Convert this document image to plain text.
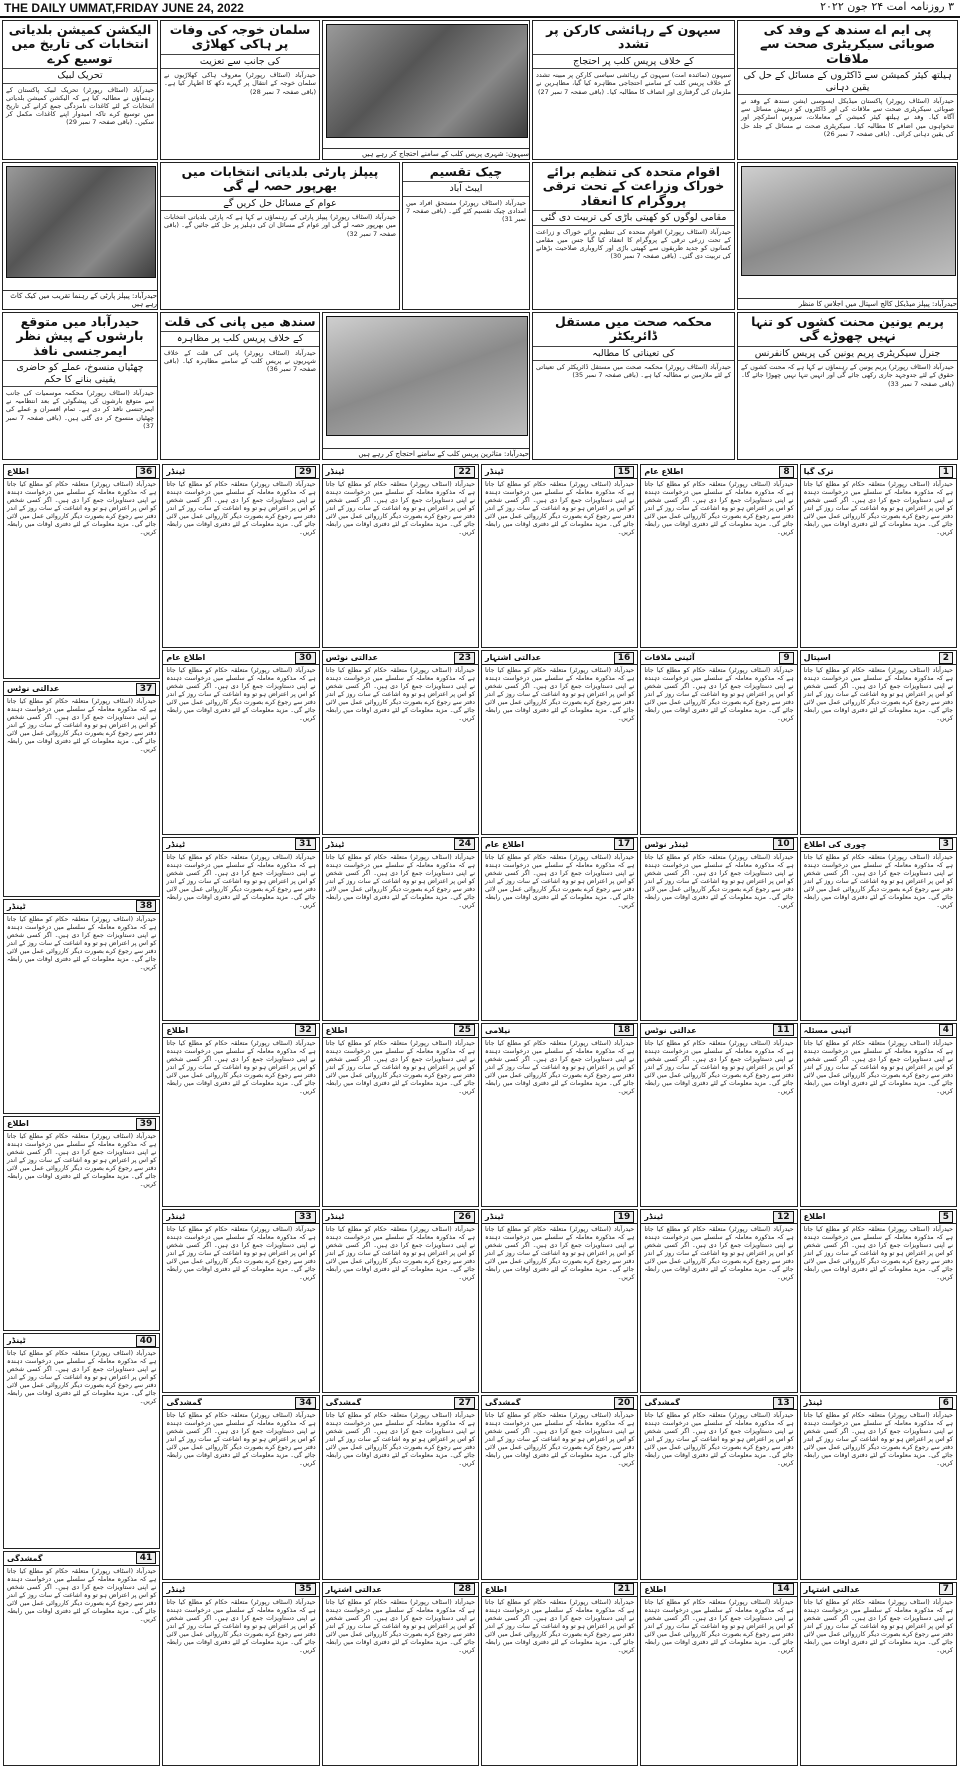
THE DAILY UMMAT,FRIDAY JUNE 24, 2022	۳ روزنامہ امت ۲۴ جون ۲۰۲۲
پی ایم اے سندھ کے وفد کی صوبائی سیکریٹری صحت سے ملاقات
ہیلتھ کیئر کمیشن سے ڈاکٹروں کے مسائل کے حل کی یقین دہانی
حیدرآباد (اسٹاف رپورٹر) پاکستان میڈیکل ایسوسی ایشن سندھ کے وفد نے صوبائی سیکریٹری صحت سے ملاقات کی اور ڈاکٹروں کو درپیش مسائل سے آگاہ کیا۔ وفد نے ہیلتھ کیئر کمیشن کے معاملات، سروس اسٹرکچر اور تنخواہوں میں اضافے کا مطالبہ کیا۔ سیکریٹری صحت نے مسائل کے جلد حل کی یقین دہانی کرائی۔ (باقی صفحہ 7 نمبر 26)
سیہون کے رہائشی کارکن پر تشدد
کے خلاف پریس کلب پر احتجاج
سیہون (نمائندہ امت) سیہون کے رہائشی سیاسی کارکن پر مبینہ تشدد کے خلاف پریس کلب کے سامنے احتجاجی مظاہرہ کیا گیا، مظاہرین نے ملزمان کی گرفتاری اور انصاف کا مطالبہ کیا۔ (باقی صفحہ 7 نمبر 27)
سیہون: شہری پریس کلب کے سامنے احتجاج کر رہے ہیں
سلمان خوجہ کی وفات پر ہاکی کھلاڑی
کی جانب سے تعزیت
حیدرآباد (اسٹاف رپورٹر) معروف ہاکی کھلاڑیوں نے سلمان خوجہ کے انتقال پر گہرے دکھ کا اظہار کیا ہے۔ (باقی صفحہ 7 نمبر 28)
الیکشن کمیشن بلدیاتی انتخابات کی تاریخ میں توسیع کرے
تحریک لبیک
حیدرآباد (اسٹاف رپورٹر) تحریک لبیک پاکستان کے رہنماؤں نے مطالبہ کیا ہے کہ الیکشن کمیشن بلدیاتی انتخابات کے لئے کاغذات نامزدگی جمع کرانے کی تاریخ میں توسیع کرے تاکہ امیدوار اپنے کاغذات مکمل کر سکیں۔ (باقی صفحہ 7 نمبر 29)
حیدرآباد: پیپلز میڈیکل کالج اسپتال میں اجلاس کا منظر
اقوام متحدہ کی تنظیم برائے خوراک وزراعت کے تحت ترقی پروگرام کا انعقاد
مقامی لوگوں کو کھیتی باڑی کی تربیت دی گئی
حیدرآباد (اسٹاف رپورٹر) اقوام متحدہ کی تنظیم برائے خوراک و زراعت کے تحت زرعی ترقی کے پروگرام کا انعقاد کیا گیا جس میں مقامی کسانوں کو جدید طریقوں سے کھیتی باڑی اور کاروباری صلاحیت بڑھانے کی تربیت دی گئی۔ (باقی صفحہ 7 نمبر 30)
چیک تقسیم
ایبٹ آباد
حیدرآباد (اسٹاف رپورٹر) مستحق افراد میں امدادی چیک تقسیم کئے گئے۔ (باقی صفحہ 7 نمبر 31)
پیپلز پارٹی بلدیاتی انتخابات میں بھرپور حصہ لے گی
عوام کے مسائل حل کریں گے
حیدرآباد (اسٹاف رپورٹر) پیپلز پارٹی کے رہنماؤں نے کہا ہے کہ پارٹی بلدیاتی انتخابات میں بھرپور حصہ لے گی اور عوام کے مسائل ان کی دہلیز پر حل کئے جائیں گے۔ (باقی صفحہ 7 نمبر 32)
حیدرآباد: پیپلز پارٹی کے رہنما تقریب میں کیک کاٹ رہے ہیں
پریم یونین محنت کشوں کو تنہا نہیں چھوڑے گی
جنرل سیکریٹری پریم یونین کی پریس کانفرنس
حیدرآباد (اسٹاف رپورٹر) پریم یونین کے رہنماؤں نے کہا ہے کہ محنت کشوں کے حقوق کے لئے جدوجہد جاری رکھی جائے گی اور انہیں تنہا نہیں چھوڑا جائے گا۔ (باقی صفحہ 7 نمبر 33)
محکمہ صحت میں مستقل ڈائریکٹر
کی تعیناتی کا مطالبہ
حیدرآباد (اسٹاف رپورٹر) محکمہ صحت میں مستقل ڈائریکٹر کی تعیناتی کے لئے ملازمین نے مطالبہ کیا ہے۔ (باقی صفحہ 7 نمبر 35)
حیدرآباد: متاثرین پریس کلب کے سامنے احتجاج کر رہے ہیں
سندھ میں پانی کی قلت
کے خلاف پریس کلب پر مظاہرہ
حیدرآباد (اسٹاف رپورٹر) پانی کی قلت کے خلاف شہریوں نے پریس کلب کے سامنے مظاہرہ کیا۔ (باقی صفحہ 7 نمبر 36)
حیدرآباد میں متوقع بارشوں کے پیش نظر ایمرجنسی نافذ
چھٹیاں منسوخ، عملے کو حاضری یقینی بنانے کا حکم
حیدرآباد (اسٹاف رپورٹر) محکمہ موسمیات کی جانب سے متوقع بارشوں کی پیشگوئی کے بعد انتظامیہ نے ایمرجنسی نافذ کر دی ہے۔ تمام افسران و عملے کی چھٹیاں منسوخ کر دی گئی ہیں۔ (باقی صفحہ 7 نمبر 37)
1
ترک گیا
حیدرآباد (اسٹاف رپورٹر) متعلقہ حکام کو مطلع کیا جاتا ہے کہ مذکورہ معاملہ کے سلسلے میں درخواست دہندہ نے اپنی دستاویزات جمع کرا دی ہیں۔ اگر کسی شخص کو اس پر اعتراض ہو تو وہ اشاعت کے سات روز کے اندر دفتر سے رجوع کرے بصورت دیگر کارروائی عمل میں لائی جائے گی۔ مزید معلومات کے لئے دفتری اوقات میں رابطہ کریں۔
2
اسپتال
حیدرآباد (اسٹاف رپورٹر) متعلقہ حکام کو مطلع کیا جاتا ہے کہ مذکورہ معاملہ کے سلسلے میں درخواست دہندہ نے اپنی دستاویزات جمع کرا دی ہیں۔ اگر کسی شخص کو اس پر اعتراض ہو تو وہ اشاعت کے سات روز کے اندر دفتر سے رجوع کرے بصورت دیگر کارروائی عمل میں لائی جائے گی۔ مزید معلومات کے لئے دفتری اوقات میں رابطہ کریں۔
3
چوری کی اطلاع
حیدرآباد (اسٹاف رپورٹر) متعلقہ حکام کو مطلع کیا جاتا ہے کہ مذکورہ معاملہ کے سلسلے میں درخواست دہندہ نے اپنی دستاویزات جمع کرا دی ہیں۔ اگر کسی شخص کو اس پر اعتراض ہو تو وہ اشاعت کے سات روز کے اندر دفتر سے رجوع کرے بصورت دیگر کارروائی عمل میں لائی جائے گی۔ مزید معلومات کے لئے دفتری اوقات میں رابطہ کریں۔
4
آئینی مسئلہ
حیدرآباد (اسٹاف رپورٹر) متعلقہ حکام کو مطلع کیا جاتا ہے کہ مذکورہ معاملہ کے سلسلے میں درخواست دہندہ نے اپنی دستاویزات جمع کرا دی ہیں۔ اگر کسی شخص کو اس پر اعتراض ہو تو وہ اشاعت کے سات روز کے اندر دفتر سے رجوع کرے بصورت دیگر کارروائی عمل میں لائی جائے گی۔ مزید معلومات کے لئے دفتری اوقات میں رابطہ کریں۔
5
اطلاع
حیدرآباد (اسٹاف رپورٹر) متعلقہ حکام کو مطلع کیا جاتا ہے کہ مذکورہ معاملہ کے سلسلے میں درخواست دہندہ نے اپنی دستاویزات جمع کرا دی ہیں۔ اگر کسی شخص کو اس پر اعتراض ہو تو وہ اشاعت کے سات روز کے اندر دفتر سے رجوع کرے بصورت دیگر کارروائی عمل میں لائی جائے گی۔ مزید معلومات کے لئے دفتری اوقات میں رابطہ کریں۔
6
ٹینڈر
حیدرآباد (اسٹاف رپورٹر) متعلقہ حکام کو مطلع کیا جاتا ہے کہ مذکورہ معاملہ کے سلسلے میں درخواست دہندہ نے اپنی دستاویزات جمع کرا دی ہیں۔ اگر کسی شخص کو اس پر اعتراض ہو تو وہ اشاعت کے سات روز کے اندر دفتر سے رجوع کرے بصورت دیگر کارروائی عمل میں لائی جائے گی۔ مزید معلومات کے لئے دفتری اوقات میں رابطہ کریں۔
7
عدالتی اشتہار
حیدرآباد (اسٹاف رپورٹر) متعلقہ حکام کو مطلع کیا جاتا ہے کہ مذکورہ معاملہ کے سلسلے میں درخواست دہندہ نے اپنی دستاویزات جمع کرا دی ہیں۔ اگر کسی شخص کو اس پر اعتراض ہو تو وہ اشاعت کے سات روز کے اندر دفتر سے رجوع کرے بصورت دیگر کارروائی عمل میں لائی جائے گی۔ مزید معلومات کے لئے دفتری اوقات میں رابطہ کریں۔
8
اطلاع عام
حیدرآباد (اسٹاف رپورٹر) متعلقہ حکام کو مطلع کیا جاتا ہے کہ مذکورہ معاملہ کے سلسلے میں درخواست دہندہ نے اپنی دستاویزات جمع کرا دی ہیں۔ اگر کسی شخص کو اس پر اعتراض ہو تو وہ اشاعت کے سات روز کے اندر دفتر سے رجوع کرے بصورت دیگر کارروائی عمل میں لائی جائے گی۔ مزید معلومات کے لئے دفتری اوقات میں رابطہ کریں۔
9
آئینی ملاقات
حیدرآباد (اسٹاف رپورٹر) متعلقہ حکام کو مطلع کیا جاتا ہے کہ مذکورہ معاملہ کے سلسلے میں درخواست دہندہ نے اپنی دستاویزات جمع کرا دی ہیں۔ اگر کسی شخص کو اس پر اعتراض ہو تو وہ اشاعت کے سات روز کے اندر دفتر سے رجوع کرے بصورت دیگر کارروائی عمل میں لائی جائے گی۔ مزید معلومات کے لئے دفتری اوقات میں رابطہ کریں۔
10
ٹینڈر نوٹس
حیدرآباد (اسٹاف رپورٹر) متعلقہ حکام کو مطلع کیا جاتا ہے کہ مذکورہ معاملہ کے سلسلے میں درخواست دہندہ نے اپنی دستاویزات جمع کرا دی ہیں۔ اگر کسی شخص کو اس پر اعتراض ہو تو وہ اشاعت کے سات روز کے اندر دفتر سے رجوع کرے بصورت دیگر کارروائی عمل میں لائی جائے گی۔ مزید معلومات کے لئے دفتری اوقات میں رابطہ کریں۔
11
عدالتی نوٹس
حیدرآباد (اسٹاف رپورٹر) متعلقہ حکام کو مطلع کیا جاتا ہے کہ مذکورہ معاملہ کے سلسلے میں درخواست دہندہ نے اپنی دستاویزات جمع کرا دی ہیں۔ اگر کسی شخص کو اس پر اعتراض ہو تو وہ اشاعت کے سات روز کے اندر دفتر سے رجوع کرے بصورت دیگر کارروائی عمل میں لائی جائے گی۔ مزید معلومات کے لئے دفتری اوقات میں رابطہ کریں۔
12
ٹینڈر
حیدرآباد (اسٹاف رپورٹر) متعلقہ حکام کو مطلع کیا جاتا ہے کہ مذکورہ معاملہ کے سلسلے میں درخواست دہندہ نے اپنی دستاویزات جمع کرا دی ہیں۔ اگر کسی شخص کو اس پر اعتراض ہو تو وہ اشاعت کے سات روز کے اندر دفتر سے رجوع کرے بصورت دیگر کارروائی عمل میں لائی جائے گی۔ مزید معلومات کے لئے دفتری اوقات میں رابطہ کریں۔
13
گمشدگی
حیدرآباد (اسٹاف رپورٹر) متعلقہ حکام کو مطلع کیا جاتا ہے کہ مذکورہ معاملہ کے سلسلے میں درخواست دہندہ نے اپنی دستاویزات جمع کرا دی ہیں۔ اگر کسی شخص کو اس پر اعتراض ہو تو وہ اشاعت کے سات روز کے اندر دفتر سے رجوع کرے بصورت دیگر کارروائی عمل میں لائی جائے گی۔ مزید معلومات کے لئے دفتری اوقات میں رابطہ کریں۔
14
اطلاع
حیدرآباد (اسٹاف رپورٹر) متعلقہ حکام کو مطلع کیا جاتا ہے کہ مذکورہ معاملہ کے سلسلے میں درخواست دہندہ نے اپنی دستاویزات جمع کرا دی ہیں۔ اگر کسی شخص کو اس پر اعتراض ہو تو وہ اشاعت کے سات روز کے اندر دفتر سے رجوع کرے بصورت دیگر کارروائی عمل میں لائی جائے گی۔ مزید معلومات کے لئے دفتری اوقات میں رابطہ کریں۔
15
ٹینڈر
حیدرآباد (اسٹاف رپورٹر) متعلقہ حکام کو مطلع کیا جاتا ہے کہ مذکورہ معاملہ کے سلسلے میں درخواست دہندہ نے اپنی دستاویزات جمع کرا دی ہیں۔ اگر کسی شخص کو اس پر اعتراض ہو تو وہ اشاعت کے سات روز کے اندر دفتر سے رجوع کرے بصورت دیگر کارروائی عمل میں لائی جائے گی۔ مزید معلومات کے لئے دفتری اوقات میں رابطہ کریں۔
16
عدالتی اشتہار
حیدرآباد (اسٹاف رپورٹر) متعلقہ حکام کو مطلع کیا جاتا ہے کہ مذکورہ معاملہ کے سلسلے میں درخواست دہندہ نے اپنی دستاویزات جمع کرا دی ہیں۔ اگر کسی شخص کو اس پر اعتراض ہو تو وہ اشاعت کے سات روز کے اندر دفتر سے رجوع کرے بصورت دیگر کارروائی عمل میں لائی جائے گی۔ مزید معلومات کے لئے دفتری اوقات میں رابطہ کریں۔
17
اطلاع عام
حیدرآباد (اسٹاف رپورٹر) متعلقہ حکام کو مطلع کیا جاتا ہے کہ مذکورہ معاملہ کے سلسلے میں درخواست دہندہ نے اپنی دستاویزات جمع کرا دی ہیں۔ اگر کسی شخص کو اس پر اعتراض ہو تو وہ اشاعت کے سات روز کے اندر دفتر سے رجوع کرے بصورت دیگر کارروائی عمل میں لائی جائے گی۔ مزید معلومات کے لئے دفتری اوقات میں رابطہ کریں۔
18
نیلامی
حیدرآباد (اسٹاف رپورٹر) متعلقہ حکام کو مطلع کیا جاتا ہے کہ مذکورہ معاملہ کے سلسلے میں درخواست دہندہ نے اپنی دستاویزات جمع کرا دی ہیں۔ اگر کسی شخص کو اس پر اعتراض ہو تو وہ اشاعت کے سات روز کے اندر دفتر سے رجوع کرے بصورت دیگر کارروائی عمل میں لائی جائے گی۔ مزید معلومات کے لئے دفتری اوقات میں رابطہ کریں۔
19
ٹینڈر
حیدرآباد (اسٹاف رپورٹر) متعلقہ حکام کو مطلع کیا جاتا ہے کہ مذکورہ معاملہ کے سلسلے میں درخواست دہندہ نے اپنی دستاویزات جمع کرا دی ہیں۔ اگر کسی شخص کو اس پر اعتراض ہو تو وہ اشاعت کے سات روز کے اندر دفتر سے رجوع کرے بصورت دیگر کارروائی عمل میں لائی جائے گی۔ مزید معلومات کے لئے دفتری اوقات میں رابطہ کریں۔
20
گمشدگی
حیدرآباد (اسٹاف رپورٹر) متعلقہ حکام کو مطلع کیا جاتا ہے کہ مذکورہ معاملہ کے سلسلے میں درخواست دہندہ نے اپنی دستاویزات جمع کرا دی ہیں۔ اگر کسی شخص کو اس پر اعتراض ہو تو وہ اشاعت کے سات روز کے اندر دفتر سے رجوع کرے بصورت دیگر کارروائی عمل میں لائی جائے گی۔ مزید معلومات کے لئے دفتری اوقات میں رابطہ کریں۔
21
اطلاع
حیدرآباد (اسٹاف رپورٹر) متعلقہ حکام کو مطلع کیا جاتا ہے کہ مذکورہ معاملہ کے سلسلے میں درخواست دہندہ نے اپنی دستاویزات جمع کرا دی ہیں۔ اگر کسی شخص کو اس پر اعتراض ہو تو وہ اشاعت کے سات روز کے اندر دفتر سے رجوع کرے بصورت دیگر کارروائی عمل میں لائی جائے گی۔ مزید معلومات کے لئے دفتری اوقات میں رابطہ کریں۔
22
ٹینڈر
حیدرآباد (اسٹاف رپورٹر) متعلقہ حکام کو مطلع کیا جاتا ہے کہ مذکورہ معاملہ کے سلسلے میں درخواست دہندہ نے اپنی دستاویزات جمع کرا دی ہیں۔ اگر کسی شخص کو اس پر اعتراض ہو تو وہ اشاعت کے سات روز کے اندر دفتر سے رجوع کرے بصورت دیگر کارروائی عمل میں لائی جائے گی۔ مزید معلومات کے لئے دفتری اوقات میں رابطہ کریں۔
23
عدالتی نوٹس
حیدرآباد (اسٹاف رپورٹر) متعلقہ حکام کو مطلع کیا جاتا ہے کہ مذکورہ معاملہ کے سلسلے میں درخواست دہندہ نے اپنی دستاویزات جمع کرا دی ہیں۔ اگر کسی شخص کو اس پر اعتراض ہو تو وہ اشاعت کے سات روز کے اندر دفتر سے رجوع کرے بصورت دیگر کارروائی عمل میں لائی جائے گی۔ مزید معلومات کے لئے دفتری اوقات میں رابطہ کریں۔
24
ٹینڈر
حیدرآباد (اسٹاف رپورٹر) متعلقہ حکام کو مطلع کیا جاتا ہے کہ مذکورہ معاملہ کے سلسلے میں درخواست دہندہ نے اپنی دستاویزات جمع کرا دی ہیں۔ اگر کسی شخص کو اس پر اعتراض ہو تو وہ اشاعت کے سات روز کے اندر دفتر سے رجوع کرے بصورت دیگر کارروائی عمل میں لائی جائے گی۔ مزید معلومات کے لئے دفتری اوقات میں رابطہ کریں۔
25
اطلاع
حیدرآباد (اسٹاف رپورٹر) متعلقہ حکام کو مطلع کیا جاتا ہے کہ مذکورہ معاملہ کے سلسلے میں درخواست دہندہ نے اپنی دستاویزات جمع کرا دی ہیں۔ اگر کسی شخص کو اس پر اعتراض ہو تو وہ اشاعت کے سات روز کے اندر دفتر سے رجوع کرے بصورت دیگر کارروائی عمل میں لائی جائے گی۔ مزید معلومات کے لئے دفتری اوقات میں رابطہ کریں۔
26
ٹینڈر
حیدرآباد (اسٹاف رپورٹر) متعلقہ حکام کو مطلع کیا جاتا ہے کہ مذکورہ معاملہ کے سلسلے میں درخواست دہندہ نے اپنی دستاویزات جمع کرا دی ہیں۔ اگر کسی شخص کو اس پر اعتراض ہو تو وہ اشاعت کے سات روز کے اندر دفتر سے رجوع کرے بصورت دیگر کارروائی عمل میں لائی جائے گی۔ مزید معلومات کے لئے دفتری اوقات میں رابطہ کریں۔
27
گمشدگی
حیدرآباد (اسٹاف رپورٹر) متعلقہ حکام کو مطلع کیا جاتا ہے کہ مذکورہ معاملہ کے سلسلے میں درخواست دہندہ نے اپنی دستاویزات جمع کرا دی ہیں۔ اگر کسی شخص کو اس پر اعتراض ہو تو وہ اشاعت کے سات روز کے اندر دفتر سے رجوع کرے بصورت دیگر کارروائی عمل میں لائی جائے گی۔ مزید معلومات کے لئے دفتری اوقات میں رابطہ کریں۔
28
عدالتی اشتہار
حیدرآباد (اسٹاف رپورٹر) متعلقہ حکام کو مطلع کیا جاتا ہے کہ مذکورہ معاملہ کے سلسلے میں درخواست دہندہ نے اپنی دستاویزات جمع کرا دی ہیں۔ اگر کسی شخص کو اس پر اعتراض ہو تو وہ اشاعت کے سات روز کے اندر دفتر سے رجوع کرے بصورت دیگر کارروائی عمل میں لائی جائے گی۔ مزید معلومات کے لئے دفتری اوقات میں رابطہ کریں۔
29
ٹینڈر
حیدرآباد (اسٹاف رپورٹر) متعلقہ حکام کو مطلع کیا جاتا ہے کہ مذکورہ معاملہ کے سلسلے میں درخواست دہندہ نے اپنی دستاویزات جمع کرا دی ہیں۔ اگر کسی شخص کو اس پر اعتراض ہو تو وہ اشاعت کے سات روز کے اندر دفتر سے رجوع کرے بصورت دیگر کارروائی عمل میں لائی جائے گی۔ مزید معلومات کے لئے دفتری اوقات میں رابطہ کریں۔
30
اطلاع عام
حیدرآباد (اسٹاف رپورٹر) متعلقہ حکام کو مطلع کیا جاتا ہے کہ مذکورہ معاملہ کے سلسلے میں درخواست دہندہ نے اپنی دستاویزات جمع کرا دی ہیں۔ اگر کسی شخص کو اس پر اعتراض ہو تو وہ اشاعت کے سات روز کے اندر دفتر سے رجوع کرے بصورت دیگر کارروائی عمل میں لائی جائے گی۔ مزید معلومات کے لئے دفتری اوقات میں رابطہ کریں۔
31
ٹینڈر
حیدرآباد (اسٹاف رپورٹر) متعلقہ حکام کو مطلع کیا جاتا ہے کہ مذکورہ معاملہ کے سلسلے میں درخواست دہندہ نے اپنی دستاویزات جمع کرا دی ہیں۔ اگر کسی شخص کو اس پر اعتراض ہو تو وہ اشاعت کے سات روز کے اندر دفتر سے رجوع کرے بصورت دیگر کارروائی عمل میں لائی جائے گی۔ مزید معلومات کے لئے دفتری اوقات میں رابطہ کریں۔
32
اطلاع
حیدرآباد (اسٹاف رپورٹر) متعلقہ حکام کو مطلع کیا جاتا ہے کہ مذکورہ معاملہ کے سلسلے میں درخواست دہندہ نے اپنی دستاویزات جمع کرا دی ہیں۔ اگر کسی شخص کو اس پر اعتراض ہو تو وہ اشاعت کے سات روز کے اندر دفتر سے رجوع کرے بصورت دیگر کارروائی عمل میں لائی جائے گی۔ مزید معلومات کے لئے دفتری اوقات میں رابطہ کریں۔
33
ٹینڈر
حیدرآباد (اسٹاف رپورٹر) متعلقہ حکام کو مطلع کیا جاتا ہے کہ مذکورہ معاملہ کے سلسلے میں درخواست دہندہ نے اپنی دستاویزات جمع کرا دی ہیں۔ اگر کسی شخص کو اس پر اعتراض ہو تو وہ اشاعت کے سات روز کے اندر دفتر سے رجوع کرے بصورت دیگر کارروائی عمل میں لائی جائے گی۔ مزید معلومات کے لئے دفتری اوقات میں رابطہ کریں۔
34
گمشدگی
حیدرآباد (اسٹاف رپورٹر) متعلقہ حکام کو مطلع کیا جاتا ہے کہ مذکورہ معاملہ کے سلسلے میں درخواست دہندہ نے اپنی دستاویزات جمع کرا دی ہیں۔ اگر کسی شخص کو اس پر اعتراض ہو تو وہ اشاعت کے سات روز کے اندر دفتر سے رجوع کرے بصورت دیگر کارروائی عمل میں لائی جائے گی۔ مزید معلومات کے لئے دفتری اوقات میں رابطہ کریں۔
35
ٹینڈر
حیدرآباد (اسٹاف رپورٹر) متعلقہ حکام کو مطلع کیا جاتا ہے کہ مذکورہ معاملہ کے سلسلے میں درخواست دہندہ نے اپنی دستاویزات جمع کرا دی ہیں۔ اگر کسی شخص کو اس پر اعتراض ہو تو وہ اشاعت کے سات روز کے اندر دفتر سے رجوع کرے بصورت دیگر کارروائی عمل میں لائی جائے گی۔ مزید معلومات کے لئے دفتری اوقات میں رابطہ کریں۔
36
اطلاع
حیدرآباد (اسٹاف رپورٹر) متعلقہ حکام کو مطلع کیا جاتا ہے کہ مذکورہ معاملہ کے سلسلے میں درخواست دہندہ نے اپنی دستاویزات جمع کرا دی ہیں۔ اگر کسی شخص کو اس پر اعتراض ہو تو وہ اشاعت کے سات روز کے اندر دفتر سے رجوع کرے بصورت دیگر کارروائی عمل میں لائی جائے گی۔ مزید معلومات کے لئے دفتری اوقات میں رابطہ کریں۔
37
عدالتی نوٹس
حیدرآباد (اسٹاف رپورٹر) متعلقہ حکام کو مطلع کیا جاتا ہے کہ مذکورہ معاملہ کے سلسلے میں درخواست دہندہ نے اپنی دستاویزات جمع کرا دی ہیں۔ اگر کسی شخص کو اس پر اعتراض ہو تو وہ اشاعت کے سات روز کے اندر دفتر سے رجوع کرے بصورت دیگر کارروائی عمل میں لائی جائے گی۔ مزید معلومات کے لئے دفتری اوقات میں رابطہ کریں۔
38
ٹینڈر
حیدرآباد (اسٹاف رپورٹر) متعلقہ حکام کو مطلع کیا جاتا ہے کہ مذکورہ معاملہ کے سلسلے میں درخواست دہندہ نے اپنی دستاویزات جمع کرا دی ہیں۔ اگر کسی شخص کو اس پر اعتراض ہو تو وہ اشاعت کے سات روز کے اندر دفتر سے رجوع کرے بصورت دیگر کارروائی عمل میں لائی جائے گی۔ مزید معلومات کے لئے دفتری اوقات میں رابطہ کریں۔
39
اطلاع
حیدرآباد (اسٹاف رپورٹر) متعلقہ حکام کو مطلع کیا جاتا ہے کہ مذکورہ معاملہ کے سلسلے میں درخواست دہندہ نے اپنی دستاویزات جمع کرا دی ہیں۔ اگر کسی شخص کو اس پر اعتراض ہو تو وہ اشاعت کے سات روز کے اندر دفتر سے رجوع کرے بصورت دیگر کارروائی عمل میں لائی جائے گی۔ مزید معلومات کے لئے دفتری اوقات میں رابطہ کریں۔
40
ٹینڈر
حیدرآباد (اسٹاف رپورٹر) متعلقہ حکام کو مطلع کیا جاتا ہے کہ مذکورہ معاملہ کے سلسلے میں درخواست دہندہ نے اپنی دستاویزات جمع کرا دی ہیں۔ اگر کسی شخص کو اس پر اعتراض ہو تو وہ اشاعت کے سات روز کے اندر دفتر سے رجوع کرے بصورت دیگر کارروائی عمل میں لائی جائے گی۔ مزید معلومات کے لئے دفتری اوقات میں رابطہ کریں۔
41
گمشدگی
حیدرآباد (اسٹاف رپورٹر) متعلقہ حکام کو مطلع کیا جاتا ہے کہ مذکورہ معاملہ کے سلسلے میں درخواست دہندہ نے اپنی دستاویزات جمع کرا دی ہیں۔ اگر کسی شخص کو اس پر اعتراض ہو تو وہ اشاعت کے سات روز کے اندر دفتر سے رجوع کرے بصورت دیگر کارروائی عمل میں لائی جائے گی۔ مزید معلومات کے لئے دفتری اوقات میں رابطہ کریں۔
